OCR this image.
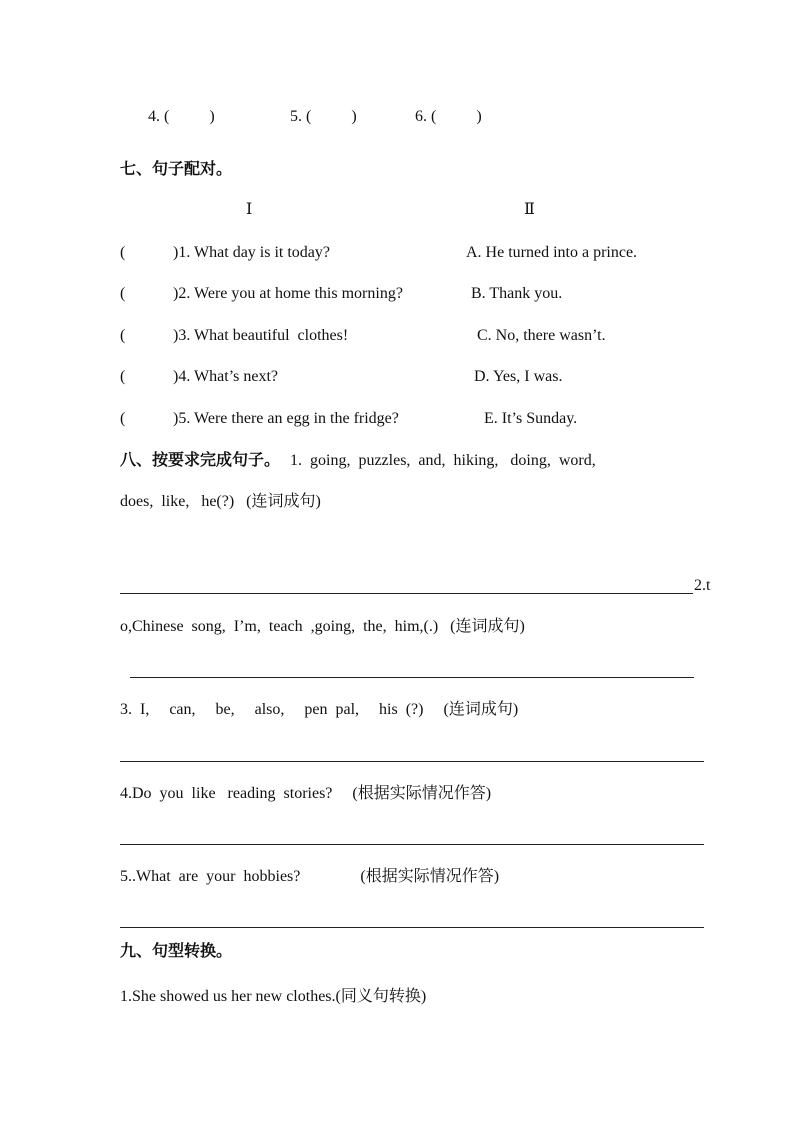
4. (          )	5. (          )	6. (          )
七、句子配对。
Ⅰ	Ⅱ
(	)1. What day is it today?	A. He turned into a prince.
(	)2. Were you at home this morning?	B. Thank you.
(	)3. What beautiful  clothes!	C. No, there wasn’t.
(	)4. What’s next?	D. Yes, I was.
(	)5. Were there an egg in the fridge?	E. It’s Sunday.
八、按要求完成句子。 1.  going,  puzzles,  and,  hiking,   doing,  word,
does,  like,   he(?)   (连词成句)
2.t
o,Chinese  song,  I’m,  teach  ,going,  the,  him,(.)   (连词成句)
3.  I,     can,     be,     also,     pen  pal,     his  (?)     (连词成句)
4.Do  you  like   reading  stories?     (根据实际情况作答)
5..What  are  your  hobbies?               (根据实际情况作答)
九、句型转换。
1.She showed us her new clothes.(同义句转换)
